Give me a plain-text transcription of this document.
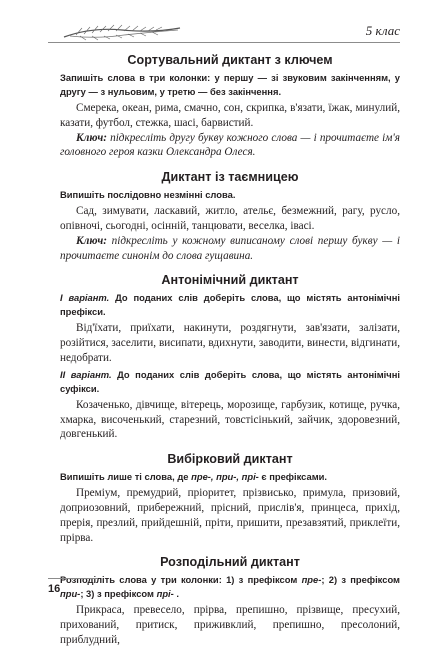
5 клас
Сортувальний диктант з ключем

Запишіть слова в три колонки: у першу — зі звуковим закінченням, у другу — з нульовим, у третю — без закінчення.

Смерека, океан, рима, смачно, сон, скрипка, в'язати, їжак, минулий, казати, футбол, стежка, шасі, барвистий.

Ключ: підкресліть другу букву кожного слова — і прочитаєте ім'я головного героя казки Олександра Олеся.

Диктант із таємницею

Випишіть послідовно незмінні слова.

Сад, зимувати, ласкавий, житло, ательє, безмежний, рагу, русло, опівночі, сьогодні, осінній, танцювати, веселка, івасі.

Ключ: підкресліть у кожному виписаному слові першу букву — і прочитаєте синонім до слова гущавина.

Антонімічний диктант

І варіант. До поданих слів доберіть слова, що містять антонімічні префікси.

Від'їхати, приїхати, накинути, роздягнути, зав'язати, залізати, розійтися, заселити, висипати, вдихнути, заводити, винести, відгинати, недобрати.

ІІ варіант. До поданих слів доберіть слова, що містять антонімічні суфікси.

Козаченько, дівчище, вітерець, морозище, гарбузик, котище, ручка, хмарка, височенький, старезний, товстісінький, зайчик, здоровезний, довгенький.

Вибірковий диктант

Випишіть лише ті слова, де пре-, при-, прі- є префіксами.

Преміум, премудрий, пріоритет, прізвисько, примула, призовий, доприозовний, прибережний, прісний, прислів'я, принцеса, прихід, прерія, презлий, прийдешній, пріти, пришити, презавзятий, приклеїти, прірва.

Розподільний диктант

Розподіліть слова у три колонки: 1) з префіксом пре-; 2) з префіксом при-; 3) з префіксом прі- .

Прикраса, превесело, прірва, препишно, прізвище, пресухий, прихований, притиск, приживклий, препишно, пресолоний, приблудний,

16
